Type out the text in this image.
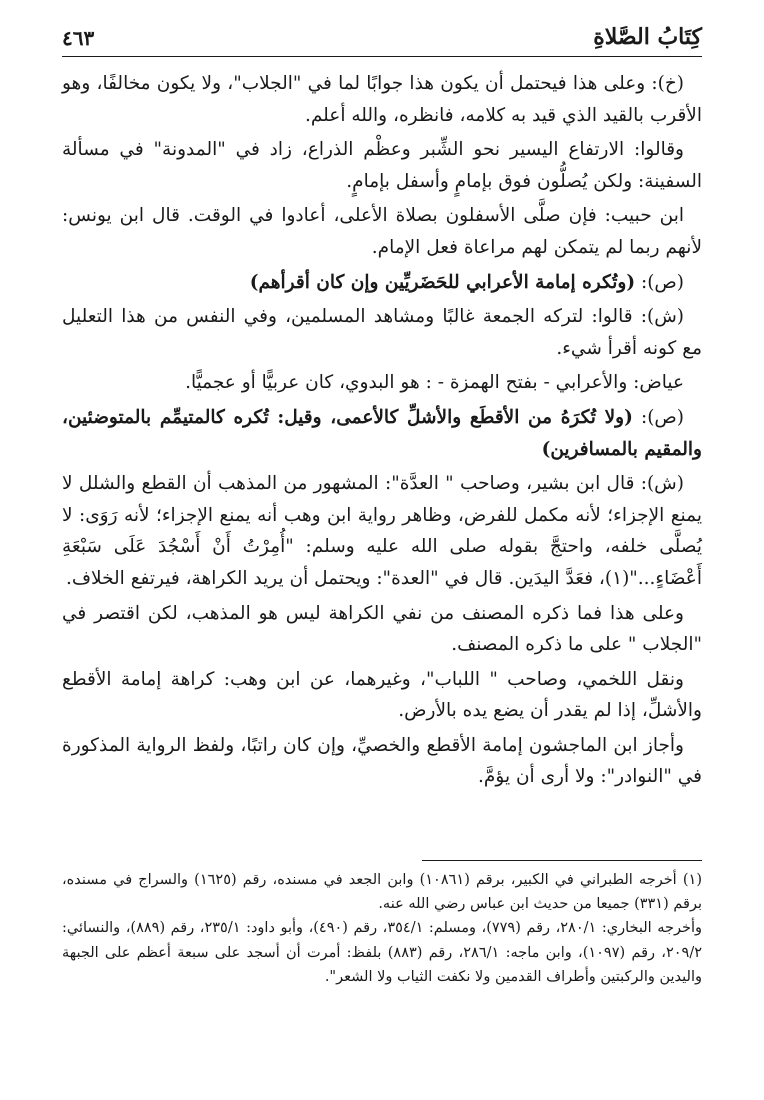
كِتَابُ الصَّلاةِ
٤٦٣

(خ): وعلى هذا فيحتمل أن يكون هذا جوابًا لما في "الجلاب"، ولا يكون مخالفًا، وهو الأقرب بالقيد الذي قيد به كلامه، فانظره، والله أعلم.

وقالوا: الارتفاع اليسير نحو الشِّبر وعظْم الذراع، زاد في "المدونة" في مسألة السفينة: ولكن يُصلُّون فوق بإمامٍ وأسفل بإمامٍ.

ابن حبيب: فإن صلَّى الأسفلون بصلاة الأعلى، أعادوا في الوقت. قال ابن يونس: لأنهم ربما لم يتمكن لهم مراعاة فعل الإمام.

(ص): (وتُكره إمامة الأعرابي للحَضَريِّين وإن كان أقرأهم)

(ش): قالوا: لتركه الجمعة غالبًا ومشاهد المسلمين، وفي النفس من هذا التعليل مع كونه أقرأ شيء.

عياض: والأعرابي - بفتح الهمزة - : هو البدوي، كان عربيًّا أو عجميًّا.

(ص): (ولا تُكرَهُ من الأقطَع والأشلِّ كالأعمى، وقيل: تُكره كالمتيمِّم بالمتوضئين، والمقيم بالمسافرين)

(ش): قال ابن بشير، وصاحب " العدَّة": المشهور من المذهب أن القطع والشلل لا يمنع الإجزاء؛ لأنه مكمل للفرض، وظاهر رواية ابن وهب أنه يمنع الإجزاء؛ لأنه رَوَى: لا يُصلَّى خلفه، واحتجَّ بقوله صلى الله عليه وسلم: "أُمِرْتُ أَنْ أَسْجُدَ عَلَى سَبْعَةِ أَعْضَاءٍ..."(١)، فعَدَّ اليدَين. قال في "العدة": ويحتمل أن يريد الكراهة، فيرتفع الخلاف.

وعلى هذا فما ذكره المصنف من نفي الكراهة ليس هو المذهب، لكن اقتصر في "الجلاب " على ما ذكره المصنف.

ونقل اللخمي، وصاحب " اللباب"، وغيرهما، عن ابن وهب: كراهة إمامة الأقطع والأشلِّ، إذا لم يقدر أن يضع يده بالأرض.

وأجاز ابن الماجشون إمامة الأقطع والخصيِّ، وإن كان راتبًا، ولفظ الرواية المذكورة في "النوادر": ولا أرى أن يؤمَّ.

(١) أخرجه الطبراني في الكبير، برقم (١٠٨٦١) وابن الجعد في مسنده، رقم (١٦٢٥) والسراج في مسنده، برقم (٣٣١) جميعا من حديث ابن عباس رضي الله عنه.

وأخرجه البخاري: ٢٨٠/١، رقم (٧٧٩)، ومسلم: ٣٥٤/١، رقم (٤٩٠)، وأبو داود: ٢٣٥/١، رقم (٨٨٩)، والنسائي: ٢٠٩/٢، رقم (١٠٩٧)، وابن ماجه: ٢٨٦/١، رقم (٨٨٣) بلفظ: أمرت أن أسجد على سبعة أعظم على الجبهة واليدين والركبتين وأطراف القدمين ولا نكفت الثياب ولا الشعر".
